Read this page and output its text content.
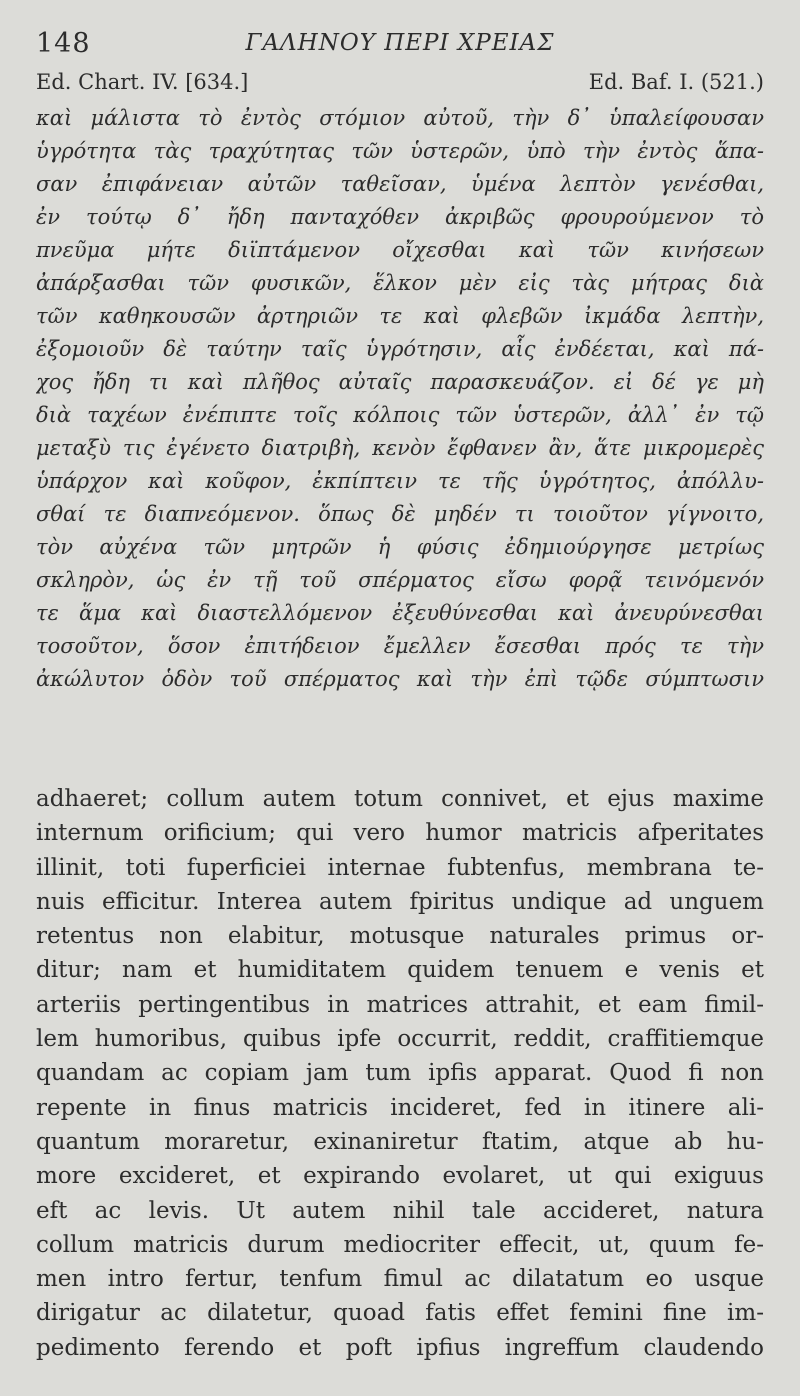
148	ΓΑΛΗΝΟΥ ΠΕΡΙ ΧΡΕΙΑΣ
Ed. Chart. IV. [634.]	Ed. Baf. I. (521.)
καὶ μάλιστα τὸ ἐντὸς στόμιον αὐτοῦ, τὴν δ᾽ ὑπαλείφουσαν
ὑγρότητα τὰς τραχύτητας τῶν ὑστερῶν, ὑπὸ τὴν ἐντὸς ἅπα-
σαν ἐπιφάνειαν αὐτῶν ταθεῖσαν, ὑμένα λεπτὸν γενέσθαι,
ἐν τούτῳ δ᾽ ἤδη πανταχόθεν ἀκριβῶς φρουρούμενον τὸ
πνεῦμα μήτε διϊπτάμενον οἴχεσθαι καὶ τῶν κινήσεων
ἀπάρξασθαι τῶν φυσικῶν, ἕλκον μὲν εἰς τὰς μήτρας διὰ
τῶν καθηκουσῶν ἀρτηριῶν τε καὶ φλεβῶν ἰκμάδα λεπτὴν,
ἐξομοιοῦν δὲ ταύτην ταῖς ὑγρότησιν, αἷς ἐνδέεται, καὶ πά-
χος ἤδη τι καὶ πλῆθος αὐταῖς παρασκευάζον. εἰ δέ γε μὴ
διὰ ταχέων ἐνέπιπτε τοῖς κόλποις τῶν ὑστερῶν, ἀλλ᾽ ἐν τῷ
μεταξὺ τις ἐγένετο διατριβὴ, κενὸν ἔφθανεν ἂν, ἅτε μικρομερὲς
ὑπάρχον καὶ κοῦφον, ἐκπίπτειν τε τῆς ὑγρότητος, ἀπόλλυ-
σθαί τε διαπνεόμενον. ὅπως δὲ μηδέν τι τοιοῦτον γίγνοιτο,
τὸν αὐχένα τῶν μητρῶν ἡ φύσις ἐδημιούργησε μετρίως
σκληρὸν, ὡς ἐν τῇ τοῦ σπέρματος εἴσω φορᾷ τεινόμενόν
τε ἅμα καὶ διαστελλόμενον ἐξευθύνεσθαι καὶ ἀνευρύνεσθαι
τοσοῦτον, ὅσον ἐπιτήδειον ἔμελλεν ἔσεσθαι πρός τε τὴν
ἀκώλυτον ὁδὸν τοῦ σπέρματος καὶ τὴν ἐπὶ τῷδε σύμπτωσιν
adhaeret; collum autem totum connivet, et ejus maxime
internum orificium; qui vero humor matricis afperitates
illinit, toti fuperficiei internae fubtenfus, membrana te-
nuis efficitur. Interea autem fpiritus undique ad unguem
retentus non elabitur, motusque naturales primus or-
ditur; nam et humiditatem quidem tenuem e venis et
arteriis pertingentibus in matrices attrahit, et eam fimil-
lem humoribus, quibus ipfe occurrit, reddit, craffitiemque
quandam ac copiam jam tum ipfis apparat. Quod fi non
repente in finus matricis incideret, fed in itinere ali-
quantum moraretur, exinaniretur ftatim, atque ab hu-
more excideret, et expirando evolaret, ut qui exiguus
eft ac levis. Ut autem nihil tale accideret, natura
collum matricis durum mediocriter effecit, ut, quum fe-
men intro fertur, tenfum fimul ac dilatatum eo usque
dirigatur ac dilatetur, quoad fatis effet femini fine im-
pedimento ferendo et poft ipfius ingreffum claudendo
